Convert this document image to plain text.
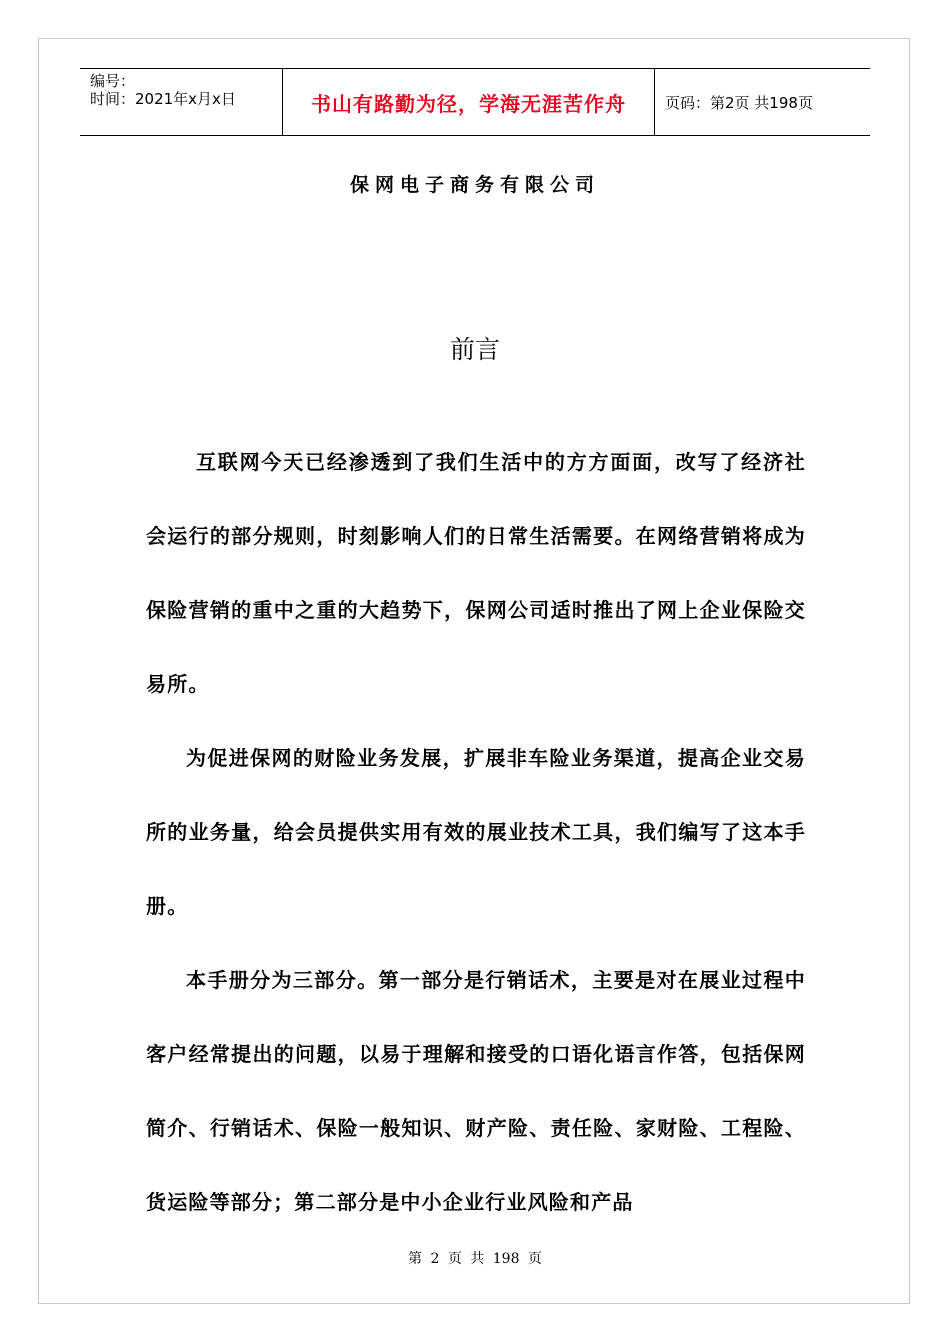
编号：
时间：2021年x月x日	书山有路勤为径，学海无涯苦作舟	页码：第2页 共198页
保网电子商务有限公司
前言

互联网今天已经渗透到了我们生活中的方方面面，改写了经济社会运行的部分规则，时刻影响人们的日常生活需要。在网络营销将成为保险营销的重中之重的大趋势下，保网公司适时推出了网上企业保险交易所。

为促进保网的财险业务发展，扩展非车险业务渠道，提高企业交易所的业务量，给会员提供实用有效的展业技术工具，我们编写了这本手册。

本手册分为三部分。第一部分是行销话术，主要是对在展业过程中客户经常提出的问题，以易于理解和接受的口语化语言作答，包括保网简介、行销话术、保险一般知识、财产险、责任险、家财险、工程险、货运险等部分；第二部分是中小企业行业风险和产品

第 2 页 共 198 页
